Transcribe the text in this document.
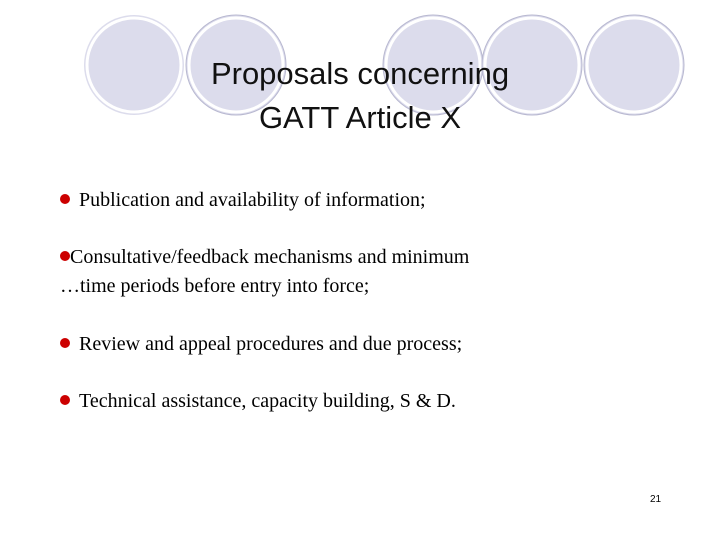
Proposals concerning
GATT Article X
Publication and availability of information;
Consultative/feedback mechanisms and minimum
…time periods before entry into force;
Review and appeal procedures and due process;
Technical assistance, capacity building, S & D.
21
